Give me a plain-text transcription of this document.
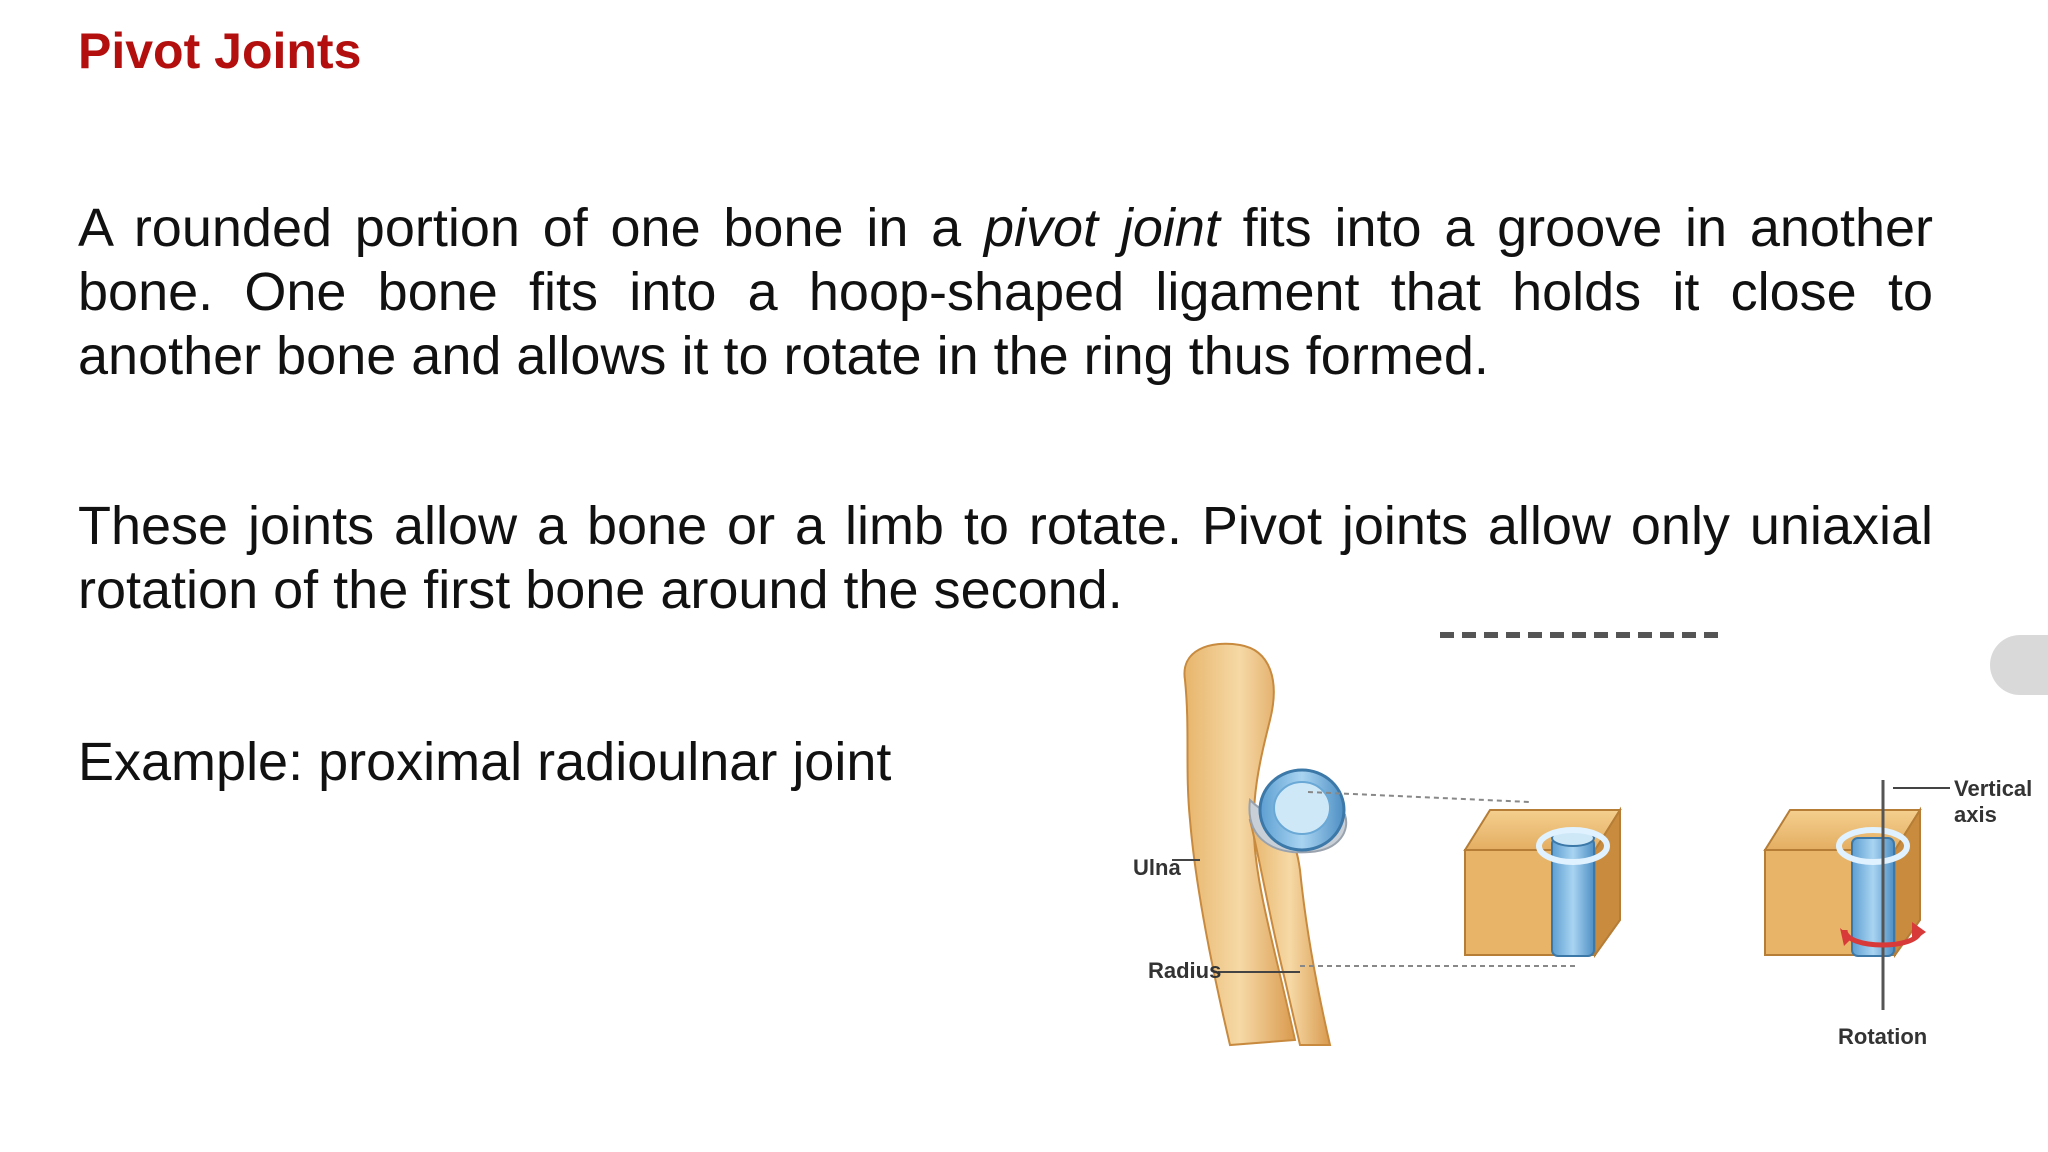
Pivot Joints
A rounded portion of one bone in a pivot joint fits into a groove in another bone. One bone fits into a hoop-shaped ligament that holds it close to another bone and allows it to rotate in the ring thus formed.
These joints allow a bone or a limb to rotate. Pivot joints allow only uniaxial rotation of the first bone around the second.
Example: proximal radioulnar joint
Ulna
Radius
Vertical
axis
Rotation
